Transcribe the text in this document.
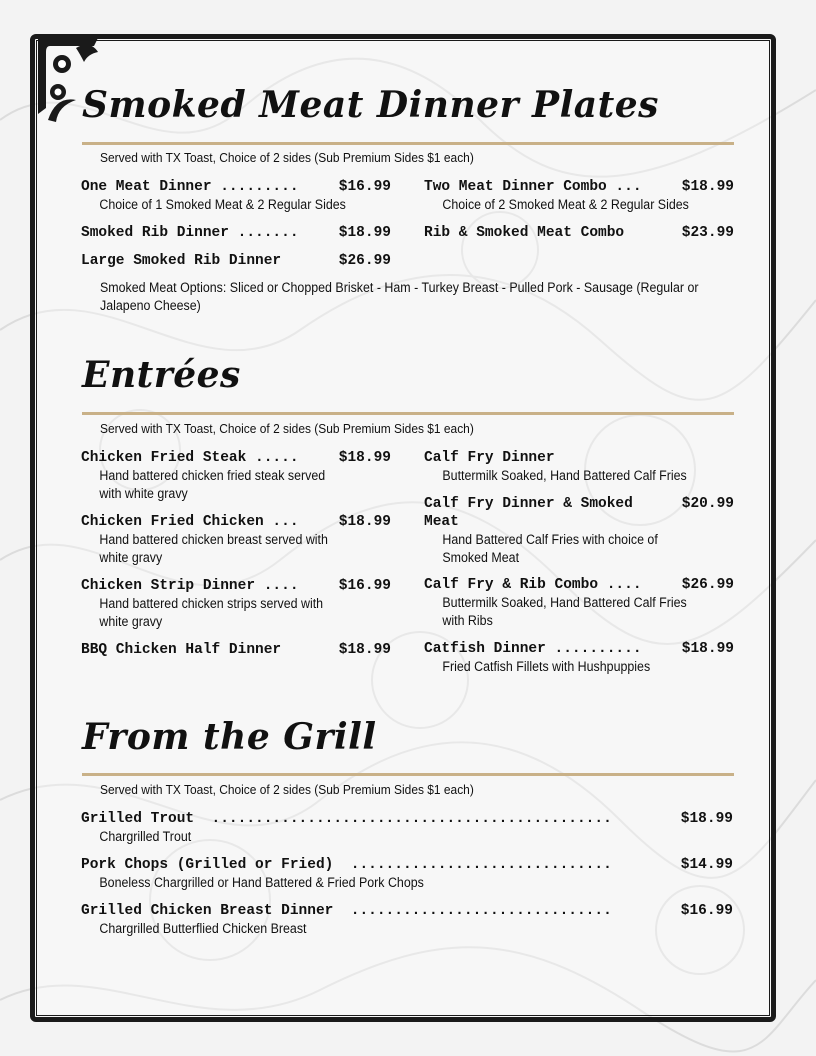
Smoked Meat Dinner Plates
Served with TX Toast, Choice of 2 sides (Sub Premium Sides $1 each)
One Meat Dinner .........	$16.99
Choice of 1 Smoked Meat & 2 Regular Sides
Two Meat Dinner Combo ...	$18.99
Choice of 2 Smoked Meat & 2 Regular Sides
Smoked Rib Dinner .......	$18.99 Rib & Smoked Meat Combo	$23.99
Large Smoked Rib Dinner	$26.99
Smoked Meat Options: Sliced or Chopped Brisket - Ham - Turkey Breast - Pulled Pork - Sausage (Regular or Jalapeno Cheese)
Entrées
Served with TX Toast, Choice of 2 sides (Sub Premium Sides $1 each)
Chicken Fried Steak .....	$18.99
Hand battered chicken fried steak served with white gravy
Chicken Fried Chicken ...	$18.99
Hand battered chicken breast served with white gravy
Chicken Strip Dinner ....	$16.99
Hand battered chicken strips served with white gravy
BBQ Chicken Half Dinner	$18.99
Calf Fry Dinner
Buttermilk Soaked, Hand Battered Calf Fries
Calf Fry Dinner & Smoked	$20.99
Meat
Hand Battered Calf Fries with choice of Smoked Meat
Calf Fry & Rib Combo ....	$26.99
Buttermilk Soaked, Hand Battered Calf Fries with Ribs
Catfish Dinner ..........	$18.99
Fried Catfish Fillets with Hushpuppies
From the Grill
Served with TX Toast, Choice of 2 sides (Sub Premium Sides $1 each)
Grilled Trout  ..............................................	$18.99
Chargrilled Trout
Pork Chops (Grilled or Fried)  ..............................	$14.99
Boneless Chargrilled or Hand Battered & Fried Pork Chops
Grilled Chicken Breast Dinner  ..............................	$16.99
Chargrilled Butterflied Chicken Breast
